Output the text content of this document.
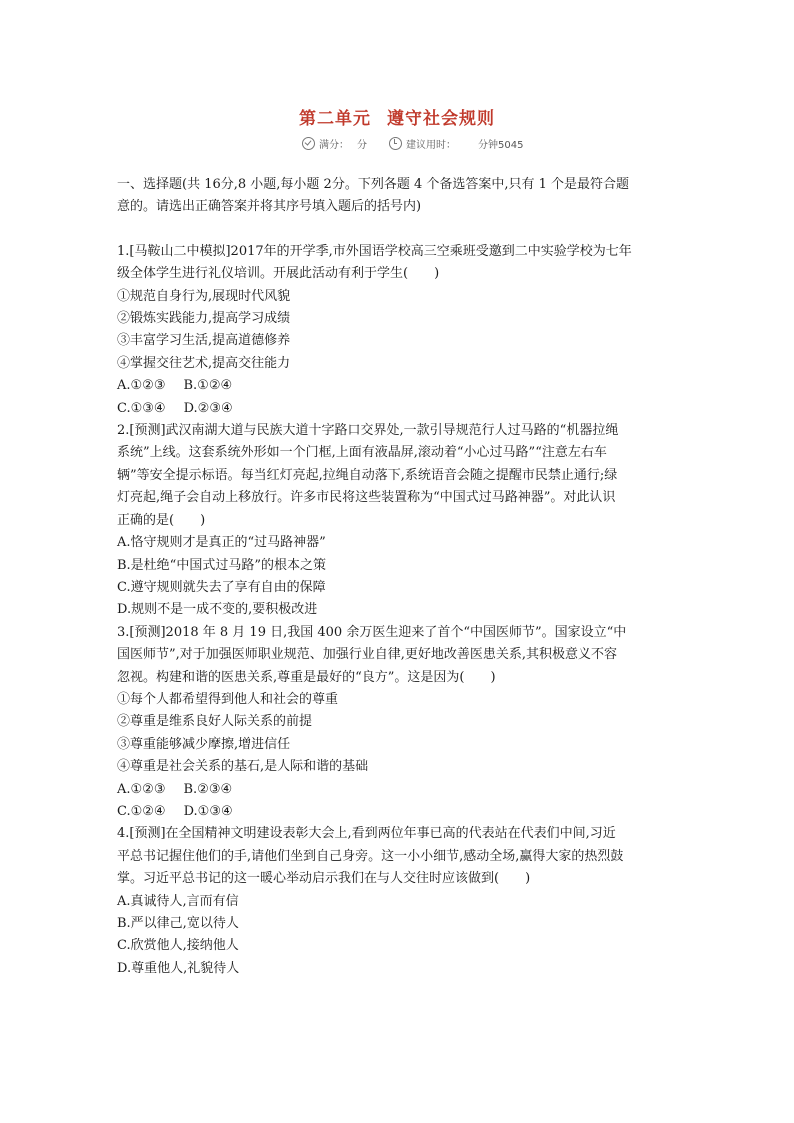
第二单元 遵守社会规则
满分： 分	建议用时： 分钟5045
一、选择题(共 16分,8 小题,每小题 2分。下列各题 4 个备选答案中,只有 1 个是最符合题
意的。请选出正确答案并将其序号填入题后的括号内)
1.[马鞍山二中模拟]2017年的开学季,市外国语学校高三空乘班受邀到二中实验学校为七年
级全体学生进行礼仪培训。开展此活动有利于学生(　　)
①规范自身行为,展现时代风貌
②锻炼实践能力,提高学习成绩
③丰富学习生活,提高道德修养
④掌握交往艺术,提高交往能力
A.①②③ B.①②④
C.①③④ D.②③④
2.[预测]武汉南湖大道与民族大道十字路口交界处,一款引导规范行人过马路的“机器拉绳
系统”上线。这套系统外形如一个门框,上面有液晶屏,滚动着“小心过马路”“注意左右车
辆”等安全提示标语。每当红灯亮起,拉绳自动落下,系统语音会随之提醒市民禁止通行;绿
灯亮起,绳子会自动上移放行。许多市民将这些装置称为“中国式过马路神器”。对此认识
正确的是(　　)
A.恪守规则才是真正的“过马路神器”
B.是杜绝“中国式过马路”的根本之策
C.遵守规则就失去了享有自由的保障
D.规则不是一成不变的,要积极改进
3.[预测]2018 年 8 月 19 日,我国 400 余万医生迎来了首个“中国医师节”。国家设立“中
国医师节”,对于加强医师职业规范、加强行业自律,更好地改善医患关系,其积极意义不容
忽视。构建和谐的医患关系,尊重是最好的“良方”。这是因为(　　)
①每个人都希望得到他人和社会的尊重
②尊重是维系良好人际关系的前提
③尊重能够减少摩擦,增进信任
④尊重是社会关系的基石,是人际和谐的基础
A.①②③ B.②③④
C.①②④ D.①③④
4.[预测]在全国精神文明建设表彰大会上,看到两位年事已高的代表站在代表们中间,习近
平总书记握住他们的手,请他们坐到自己身旁。这一小小细节,感动全场,赢得大家的热烈鼓
掌。习近平总书记的这一暖心举动启示我们在与人交往时应该做到(　　)
A.真诚待人,言而有信
B.严以律己,宽以待人
C.欣赏他人,接纳他人
D.尊重他人,礼貌待人
